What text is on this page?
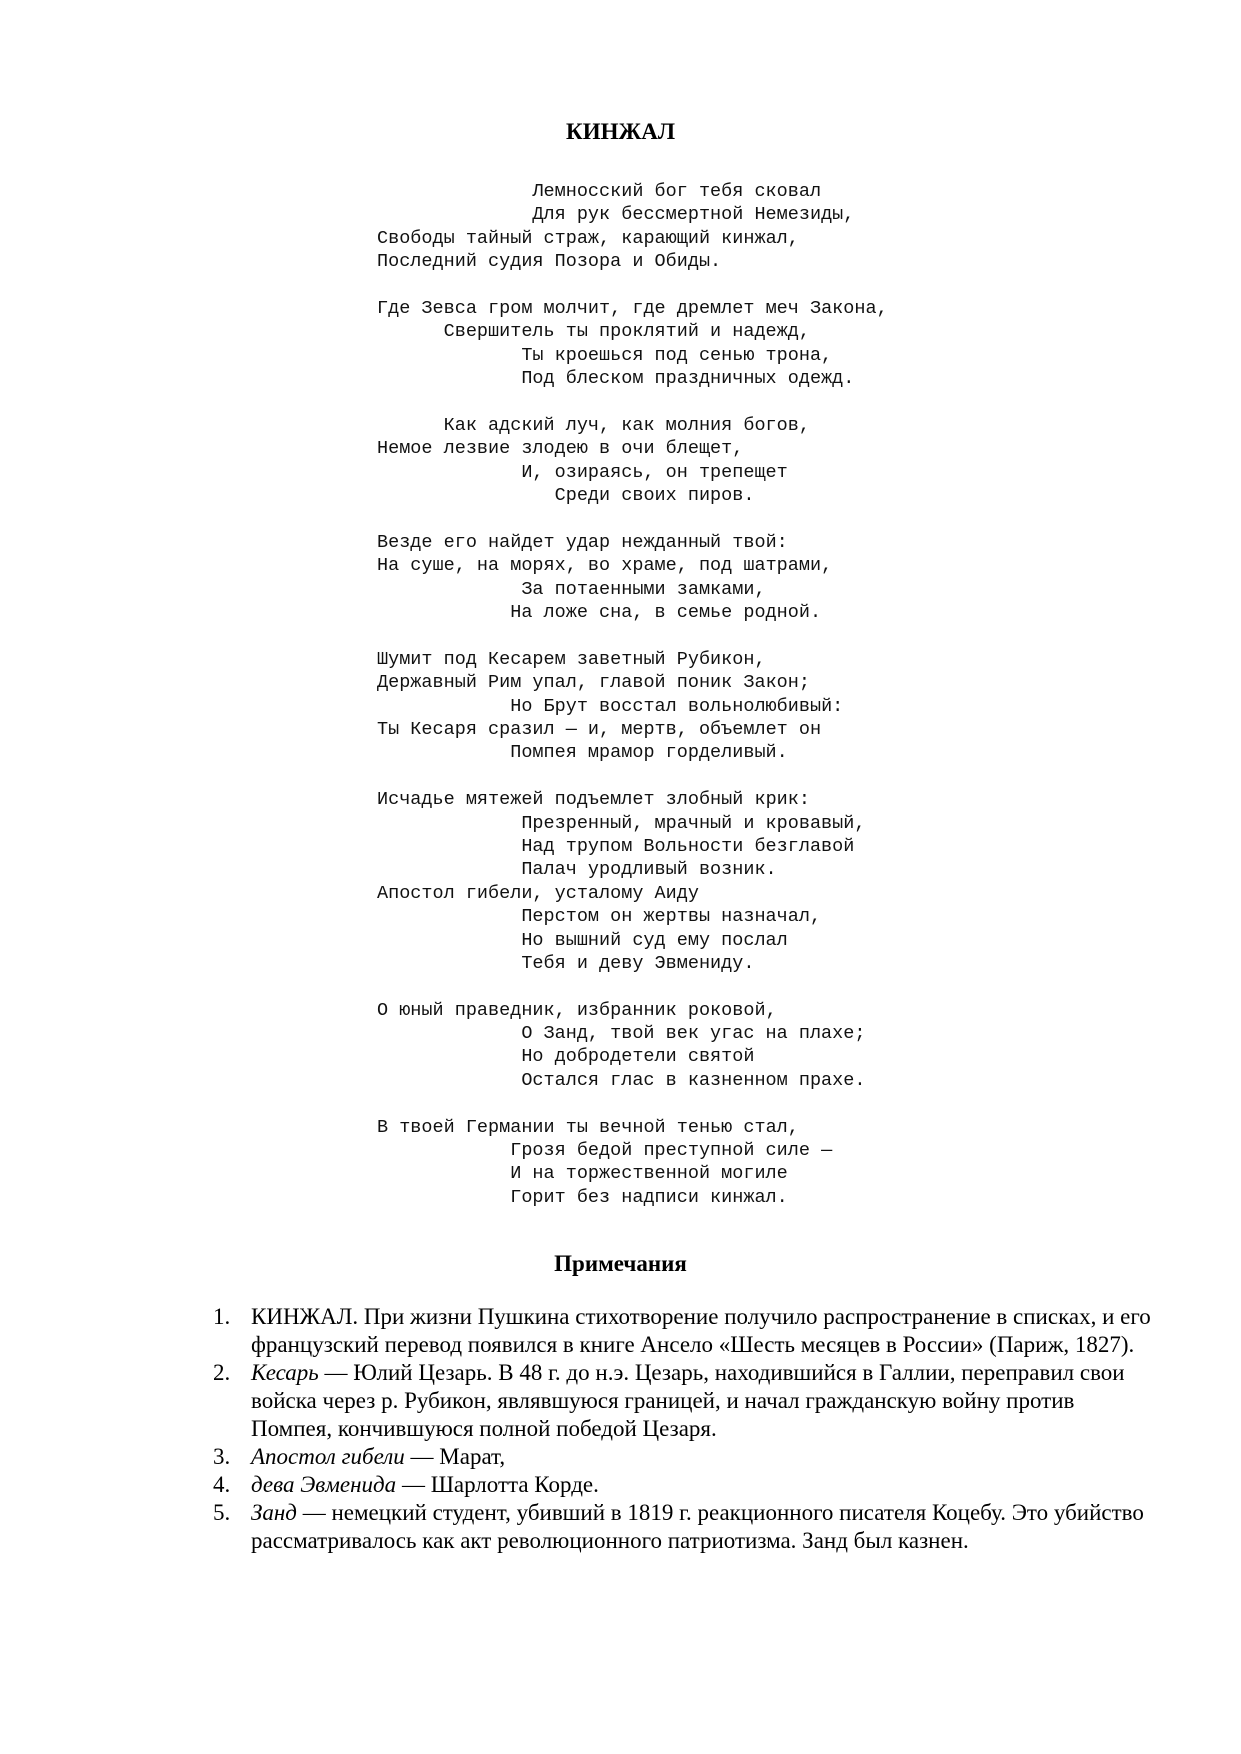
КИНЖАЛ
Лемносский бог тебя сковал
Для рук бессмертной Немезиды,
Свободы тайный страж, карающий кинжал,
Последний судия Позора и Обиды.
Где Зевса гром молчит, где дремлет меч Закона,
Свершитель ты проклятий и надежд,
Ты кроешься под сенью трона,
Под блеском праздничных одежд.
Как адский луч, как молния богов,
Немое лезвие злодею в очи блещет,
И, озираясь, он трепещет
Среди своих пиров.
Везде его найдет удар нежданный твой:
На суше, на морях, во храме, под шатрами,
За потаенными замками,
На ложе сна, в семье родной.
Шумит под Кесарем заветный Рубикон,
Державный Рим упал, главой поник Закон;
Но Брут восстал вольнолюбивый:
Ты Кесаря сразил — и, мертв, объемлет он
Помпея мрамор горделивый.
Исчадье мятежей подъемлет злобный крик:
Презренный, мрачный и кровавый,
Над трупом Вольности безглавой
Палач уродливый возник.
Апостол гибели, усталому Аиду
Перстом он жертвы назначал,
Но вышний суд ему послал
Тебя и деву Эвмениду.
О юный праведник, избранник роковой,
О Занд, твой век угас на плахе;
Но добродетели святой
Остался глас в казненном прахе.
В твоей Германии ты вечной тенью стал,
Грозя бедой преступной силе —
И на торжественной могиле
Горит без надписи кинжал.
Примечания
1. КИНЖАЛ. При жизни Пушкина стихотворение получило распространение в списках, и его французский перевод появился в книге Ансело «Шесть месяцев в России» (Париж, 1827).
2. Кесарь — Юлий Цезарь. В 48 г. до н.э. Цезарь, находившийся в Галлии, переправил свои войска через р. Рубикон, являвшуюся границей, и начал гражданскую войну против Помпея, кончившуюся полной победой Цезаря.
3. Апостол гибели — Марат,
4. дева Эвменида — Шарлотта Корде.
5. Занд — немецкий студент, убивший в 1819 г. реакционного писателя Коцебу. Это убийство рассматривалось как акт революционного патриотизма. Занд был казнен.
